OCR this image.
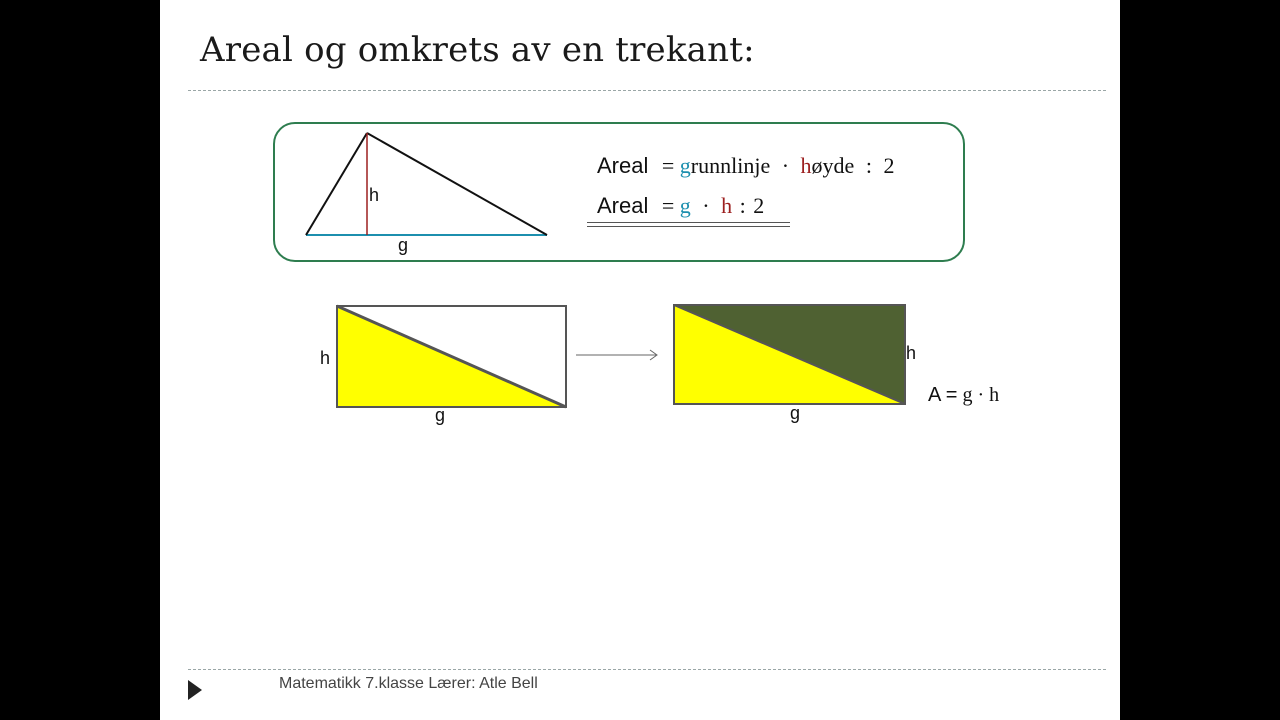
Areal og omkrets av en trekant:
h
g
Areal = grunnlinje · høyde : 2
Areal = g · h : 2
h
g
h
g
A = g · h
Matematikk 7.klasse Lærer: Atle Bell
